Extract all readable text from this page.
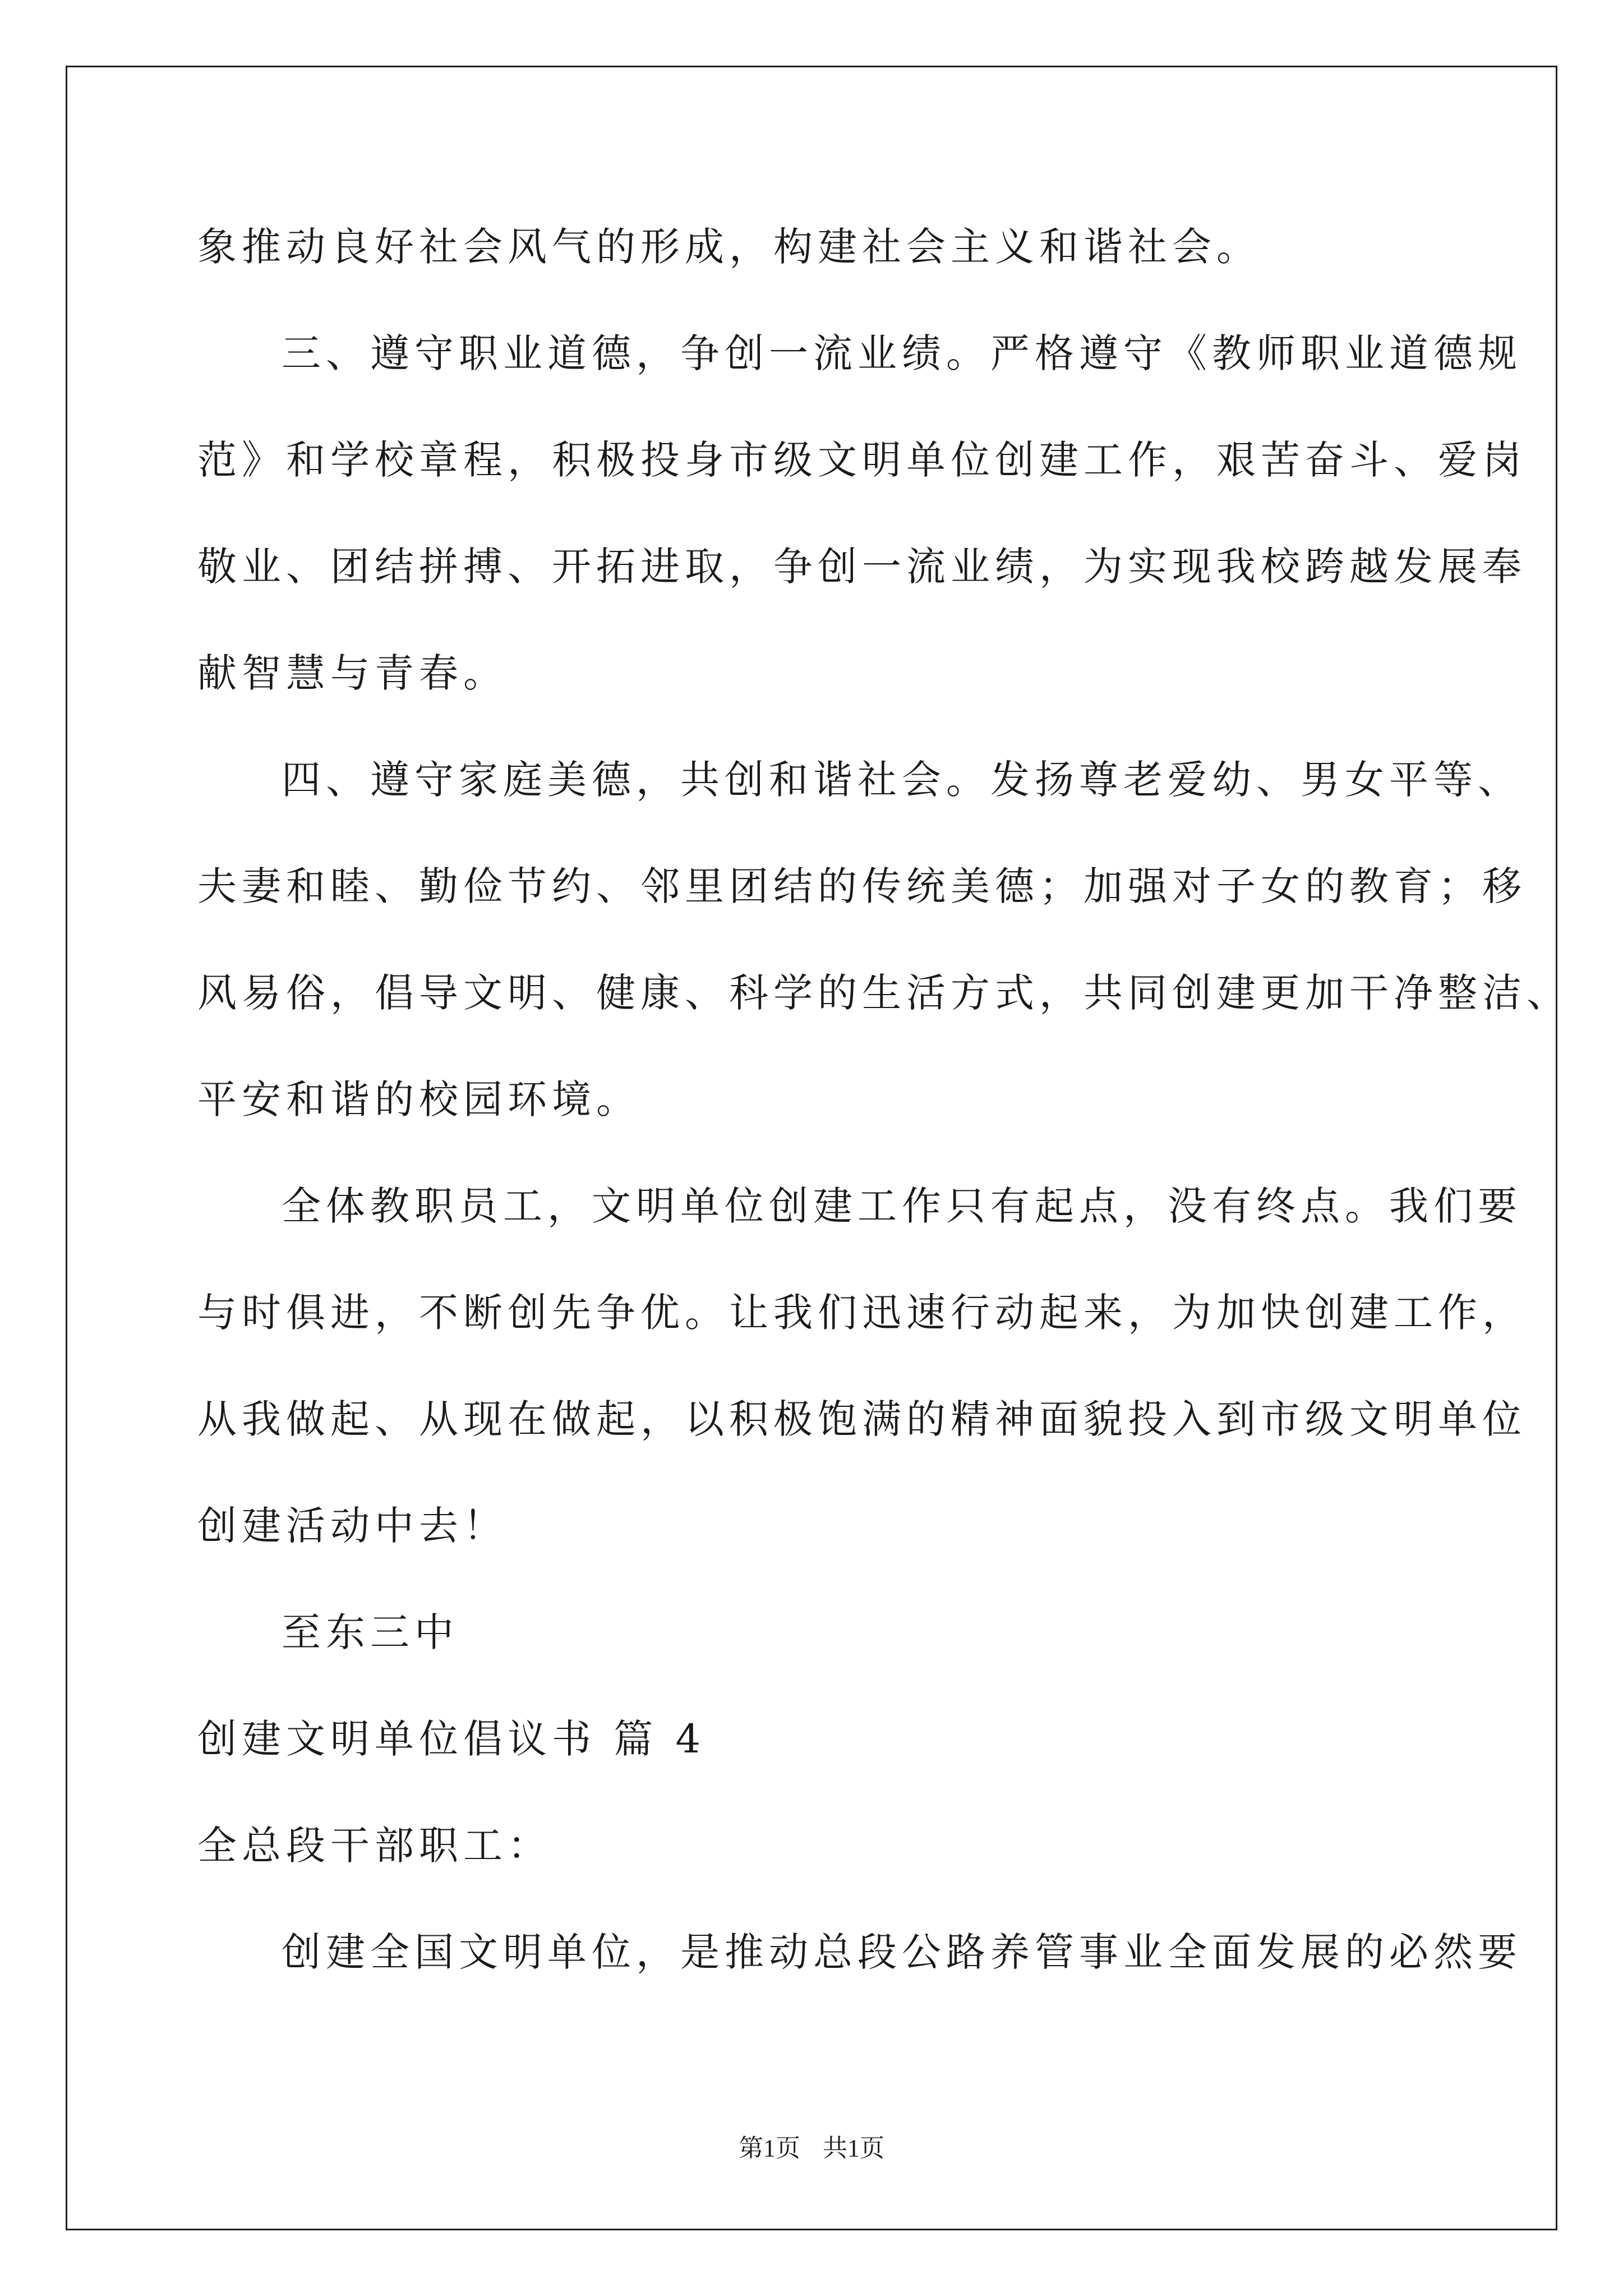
象推动良好社会风气的形成，构建社会主义和谐社会。
三、遵守职业道德，争创一流业绩。严格遵守《教师职业道德规
范》和学校章程，积极投身市级文明单位创建工作，艰苦奋斗、爱岗
敬业、团结拼搏、开拓进取，争创一流业绩，为实现我校跨越发展奉
献智慧与青春。
四、遵守家庭美德，共创和谐社会。发扬尊老爱幼、男女平等、
夫妻和睦、勤俭节约、邻里团结的传统美德；加强对子女的教育；移
风易俗，倡导文明、健康、科学的生活方式，共同创建更加干净整洁、
平安和谐的校园环境。
全体教职员工，文明单位创建工作只有起点，没有终点。我们要
与时俱进，不断创先争优。让我们迅速行动起来，为加快创建工作，
从我做起、从现在做起，以积极饱满的精神面貌投入到市级文明单位
创建活动中去！
至东三中
创建文明单位倡议书 篇 4
全总段干部职工：
创建全国文明单位，是推动总段公路养管事业全面发展的必然要
第1页 共1页
